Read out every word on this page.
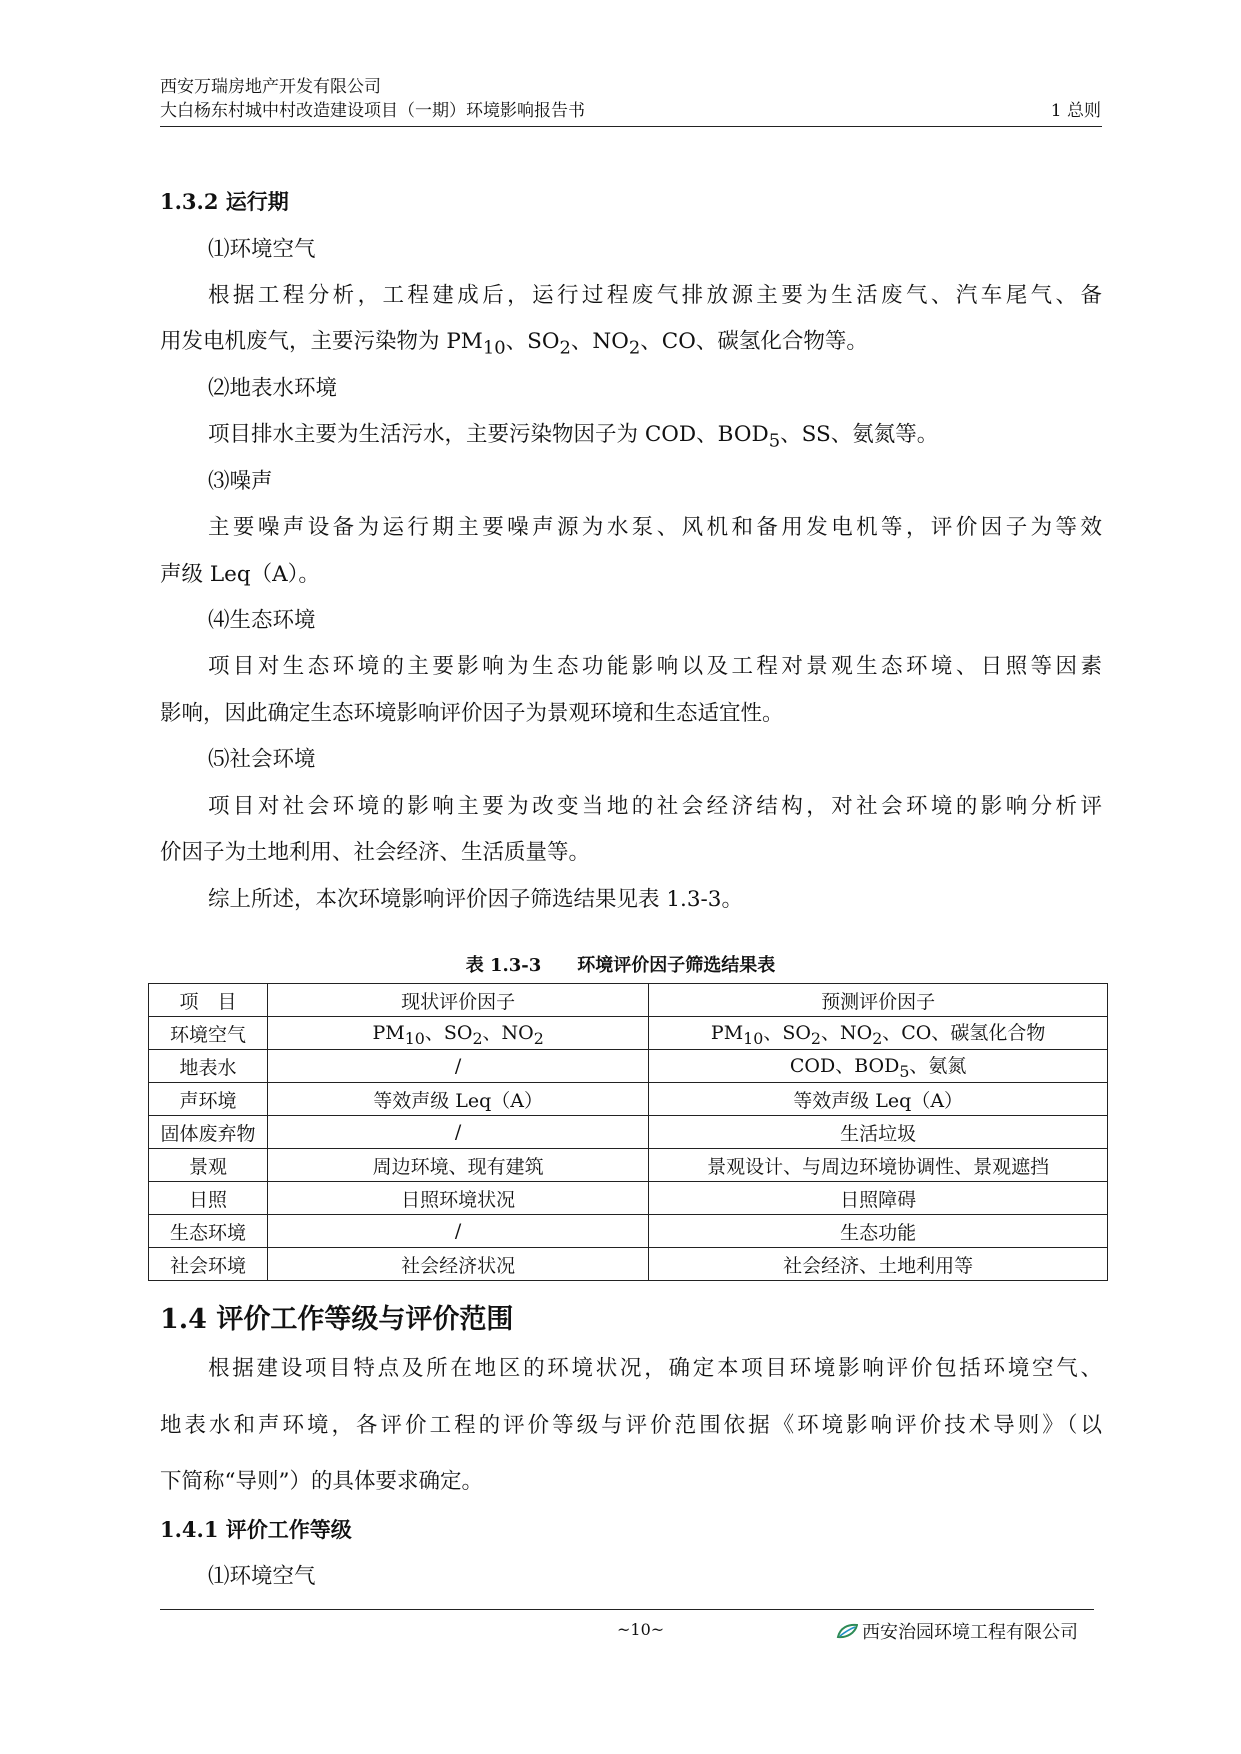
西安万瑞房地产开发有限公司
大白杨东村城中村改造建设项目（一期）环境影响报告书	1 总则
1.3.2 运行期
⑴环境空气
根据工程分析，工程建成后，运行过程废气排放源主要为生活废气、汽车尾气、备
用发电机废气，主要污染物为 $PM_{10}$、$SO_2$、$NO_2$、CO、碳氢化合物等。
⑵地表水环境
项目排水主要为生活污水，主要污染物因子为 COD、$BOD_5$、SS、氨氮等。
⑶噪声
主要噪声设备为运行期主要噪声源为水泵、风机和备用发电机等，评价因子为等效
声级 Leq（A）。
⑷生态环境
项目对生态环境的主要影响为生态功能影响以及工程对景观生态环境、日照等因素
影响，因此确定生态环境影响评价因子为景观环境和生态适宜性。
⑸社会环境
项目对社会环境的影响主要为改变当地的社会经济结构，对社会环境的影响分析评
价因子为土地利用、社会经济、生活质量等。
综上所述，本次环境影响评价因子筛选结果见表 1.3-3。
表 1.3-3 环境评价因子筛选结果表
项　目	现状评价因子	预测评价因子
环境空气	$PM_{10}$、$SO_2$、$NO_2$	$PM_{10}$、$SO_2$、$NO_2$、CO、碳氢化合物
地表水	/	COD、$BOD_5$、氨氮
声环境	等效声级 Leq（A）	等效声级 Leq（A）
固体废弃物	/	生活垃圾
景观	周边环境、现有建筑	景观设计、与周边环境协调性、景观遮挡
日照	日照环境状况	日照障碍
生态环境	/	生态功能
社会环境	社会经济状况	社会经济、土地利用等
1.4 评价工作等级与评价范围
根据建设项目特点及所在地区的环境状况，确定本项目环境影响评价包括环境空气、
地表水和声环境，各评价工程的评价等级与评价范围依据《环境影响评价技术导则》（以
下简称“导则”）的具体要求确定。
1.4.1 评价工作等级
⑴环境空气
~10~	西安治园环境工程有限公司
